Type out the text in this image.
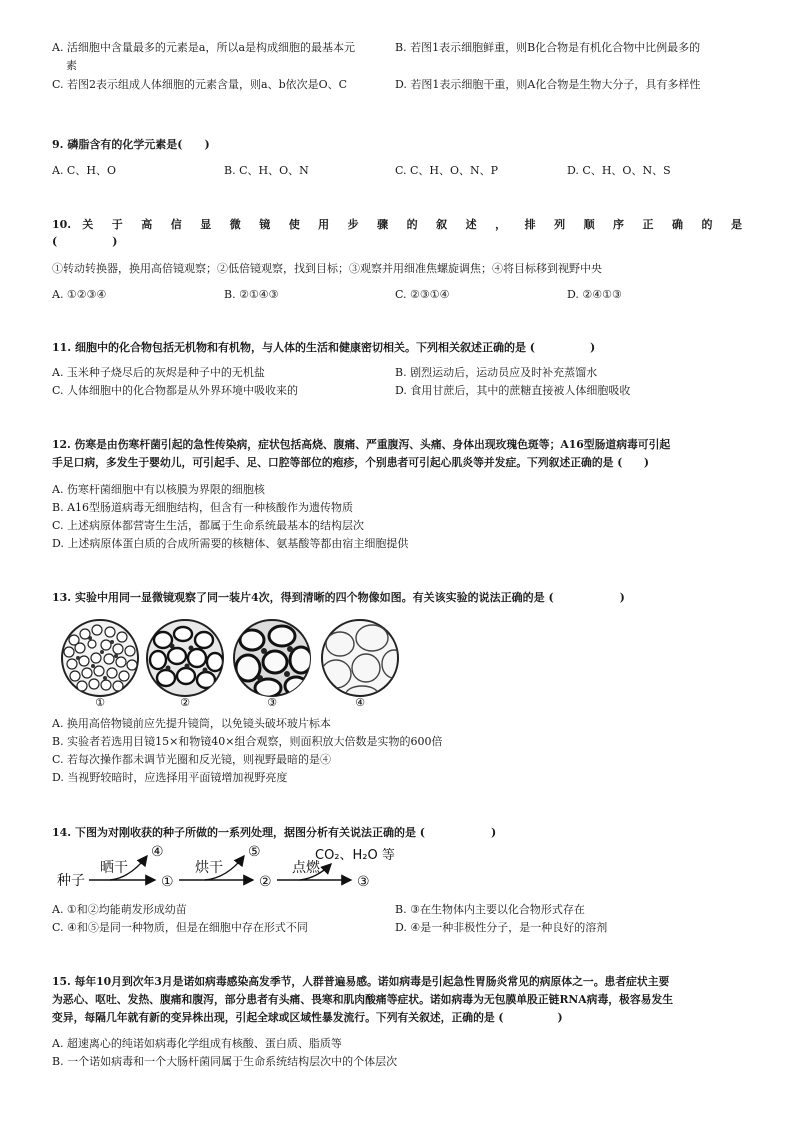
A. 活细胞中含量最多的元素是a，所以a是构成细胞的最基本元
素
B. 若图1表示细胞鲜重，则B化合物是有机化合物中比例最多的
C. 若图2表示组成人体细胞的元素含量，则a、b依次是O、C	D. 若图1表示细胞干重，则A化合物是生物大分子，具有多样性
9. 磷脂含有的化学元素是(　　)
A. C、H、O	B. C、H、O、N	C. C、H、O、N、P	D. C、H、O、N、S
10. 关 于 高 信 显 微 镜 使 用 步 骤 的 叙 述 ， 排 列 顺 序 正 确 的 是
(　　　　　)
①转动转换器，换用高倍镜观察；②低倍镜观察，找到目标；③观察并用细准焦螺旋调焦；④将目标移到视野中央
A. ①②③④	B. ②①④③	C. ②③①④	D. ②④①③
11. 细胞中的化合物包括无机物和有机物，与人体的生活和健康密切相关。下列相关叙述正确的是 (　　　　　)
A. 玉米种子烧尽后的灰烬是种子中的无机盐	B. 剧烈运动后，运动员应及时补充蒸馏水
C. 人体细胞中的化合物都是从外界环境中吸收来的	D. 食用甘蔗后，其中的蔗糖直接被人体细胞吸收
12. 伤寒是由伤寒杆菌引起的急性传染病，症状包括高烧、腹痛、严重腹泻、头痛、身体出现玫瑰色斑等；A16型肠道病毒可引起
手足口病，多发生于婴幼儿，可引起手、足、口腔等部位的疱疹，个别患者可引起心肌炎等并发症。下列叙述正确的是 (　　)
A. 伤寒杆菌细胞中有以核膜为界限的细胞核
B. A16型肠道病毒无细胞结构，但含有一种核酸作为遗传物质
C. 上述病原体都营寄生生活，都属于生命系统最基本的结构层次
D. 上述病原体蛋白质的合成所需要的核糖体、氨基酸等都由宿主细胞提供
13. 实验中用同一显微镜观察了同一装片4次，得到清晰的四个物像如图。有关该实验的说法正确的是 (　　　　　　)
①	②	③	④
A. 换用高倍物镜前应先提升镜筒，以免镜头破坏玻片标本
B. 实验者若选用目镜15×和物镜40×组合观察，则面积放大倍数是实物的600倍
C. 若每次操作都未调节光圈和反光镜，则视野最暗的是④
D. 当视野较暗时，应选择用平面镜增加视野亮度
14. 下图为对刚收获的种子所做的一系列处理，据图分析有关说法正确的是 (　　　　　　)
种子
晒干	烘干	点燃
CO₂、H₂O 等
①	②	③
④	⑤
A. ①和②均能萌发形成幼苗	B. ③在生物体内主要以化合物形式存在
C. ④和⑤是同一种物质，但是在细胞中存在形式不同	D. ④是一种非极性分子，是一种良好的溶剂
15. 每年10月到次年3月是诺如病毒感染高发季节，人群普遍易感。诺如病毒是引起急性胃肠炎常见的病原体之一。患者症状主要
为恶心、呕吐、发热、腹痛和腹泻，部分患者有头痛、畏寒和肌肉酸痛等症状。诺如病毒为无包膜单股正链RNA病毒，极容易发生
变异，每隔几年就有新的变异株出现，引起全球或区域性暴发流行。下列有关叙述，正确的是 (　　　　　)
A. 超速离心的纯诺如病毒化学组成有核酸、蛋白质、脂质等
B. 一个诺如病毒和一个大肠杆菌同属于生命系统结构层次中的个体层次
